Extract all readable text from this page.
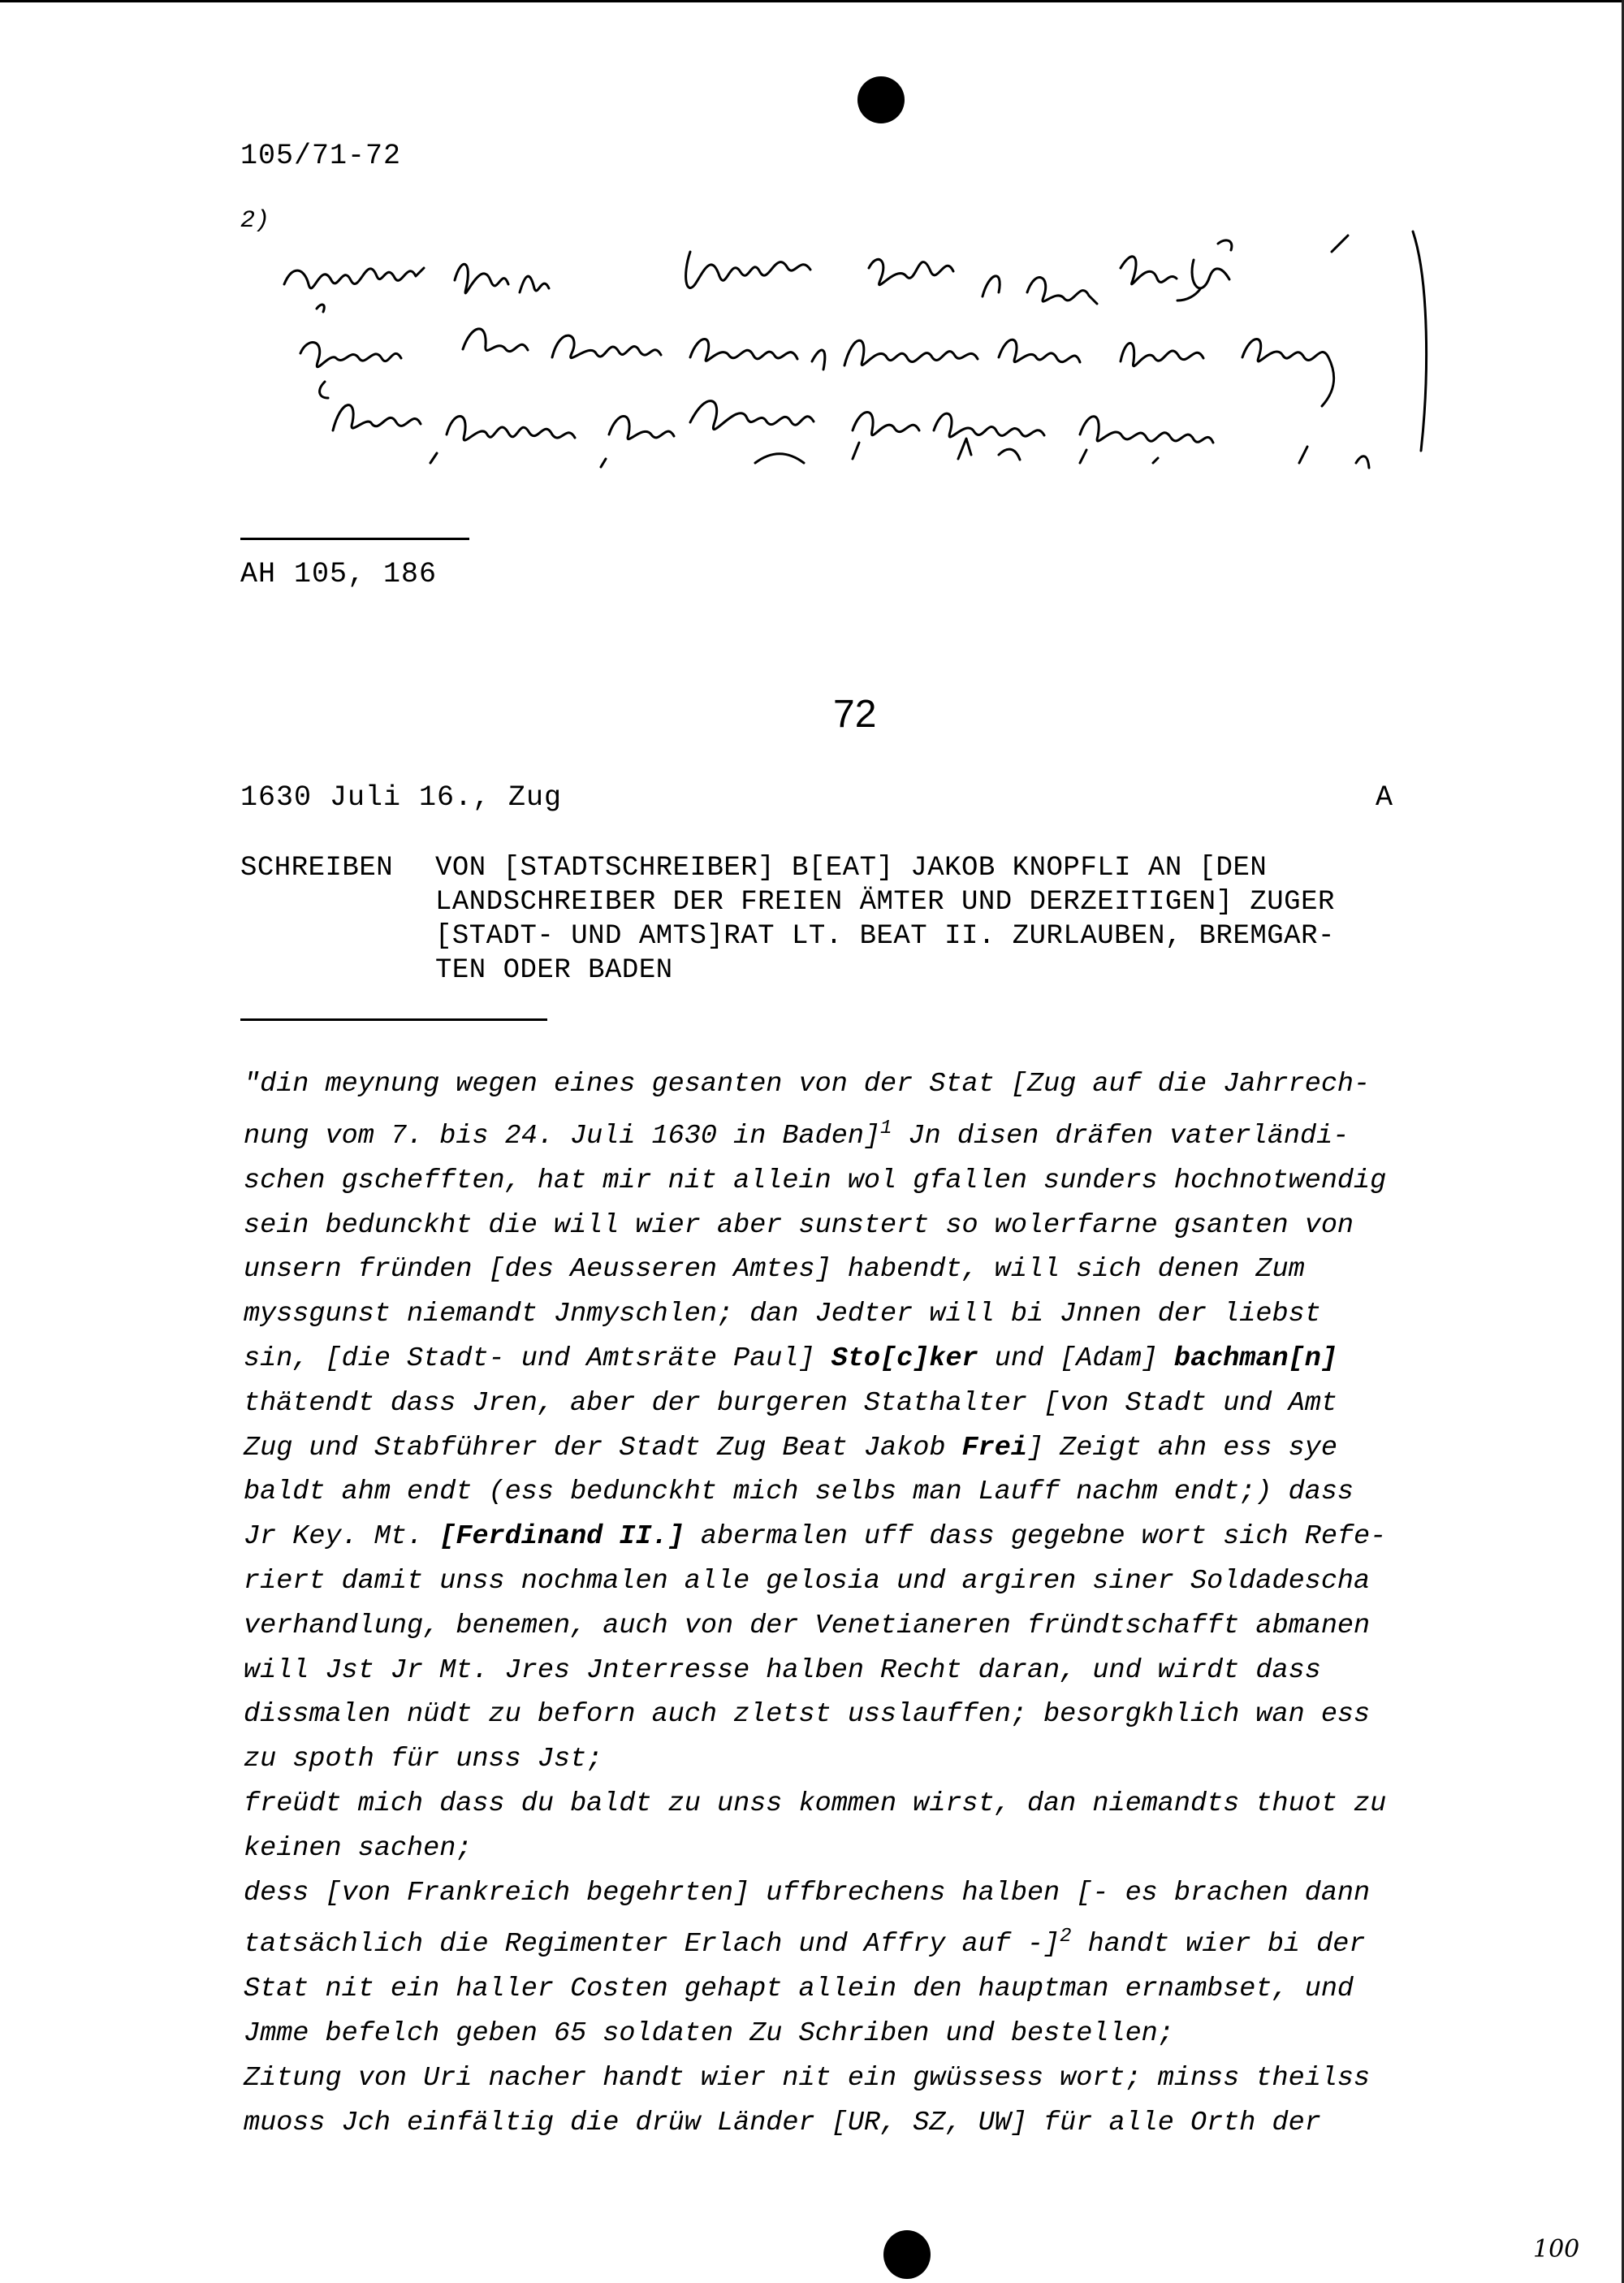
105/71-72
2)
AH 105, 186
72
1630 Juli 16., Zug	A
SCHREIBEN VON [STADTSCHREIBER] B[EAT] JAKOB KNOPFLI AN [DEN
LANDSCHREIBER DER FREIEN ÄMTER UND DERZEITIGEN] ZUGER
[STADT- UND AMTS]RAT LT. BEAT II. ZURLAUBEN, BREMGAR-
TEN ODER BADEN

"din meynung wegen eines gesanten von der Stat [Zug auf die Jahrrech-

nung vom 7. bis 24. Juli 1630 in Baden]$^1$ Jn disen dräfen vaterländi-

schen gschefften, hat mir nit allein wol gfallen sunders hochnotwendig

sein bedunckht die will wier aber sunstert so wolerfarne gsanten von

unsern fründen [des Aeusseren Amtes] habendt, will sich denen Zum

myssgunst niemandt Jnmyschlen; dan Jedter will bi Jnnen der liebst

sin, [die Stadt- und Amtsräte Paul] Sto[c]ker und [Adam] bachman[n]

thätendt dass Jren, aber der burgeren Stathalter [von Stadt und Amt

Zug und Stabführer der Stadt Zug Beat Jakob Frei] Zeigt ahn ess sye

baldt ahm endt (ess bedunckht mich selbs man Lauff nachm endt;) dass

Jr Key. Mt. [Ferdinand II.] abermalen uff dass gegebne wort sich Refe-

riert damit unss nochmalen alle gelosia und argiren siner Soldadescha

verhandlung, benemen, auch von der Venetianeren fründtschafft abmanen

will Jst Jr Mt. Jres Jnterresse halben Recht daran, und wirdt dass

dissmalen nüdt zu beforn auch zletst usslauffen; besorgkhlich wan ess

zu spoth für unss Jst;

freüdt mich dass du baldt zu unss kommen wirst, dan niemandts thuot zu

keinen sachen;

dess [von Frankreich begehrten] uffbrechens halben [- es brachen dann

tatsächlich die Regimenter Erlach und Affry auf -]$^2$ handt wier bi der

Stat nit ein haller Costen gehapt allein den hauptman ernambset, und

Jmme befelch geben 65 soldaten Zu Schriben und bestellen;

Zitung von Uri nacher handt wier nit ein gwüssess wort; minss theilss

muoss Jch einfältig die drüw Länder [UR, SZ, UW] für alle Orth der

100
